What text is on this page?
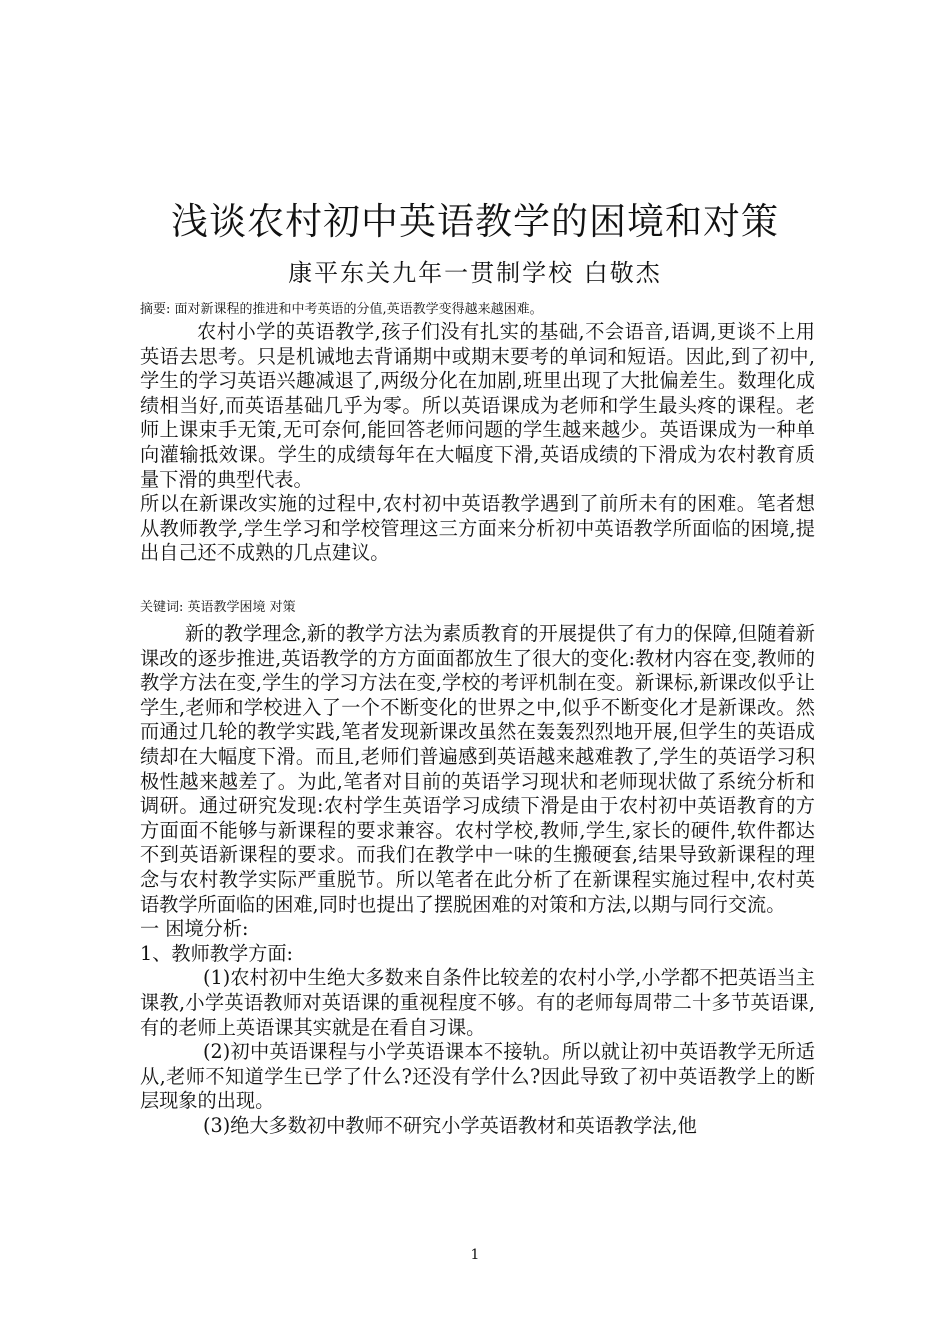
浅谈农村初中英语教学的困境和对策
康平东关九年一贯制学校 白敬杰
摘要: 面对新课程的推进和中考英语的分值,英语教学变得越来越困难。

农村小学的英语教学,孩子们没有扎实的基础,不会语音,语调,更谈不上用英语去思考。只是机诫地去背诵期中或期末要考的单词和短语。因此,到了初中,学生的学习英语兴趣减退了,两级分化在加剧,班里出现了大批偏差生。数理化成绩相当好,而英语基础几乎为零。所以英语课成为老师和学生最头疼的课程。老师上课束手无策,无可奈何,能回答老师问题的学生越来越少。英语课成为一种单向灌输抵效课。学生的成绩每年在大幅度下滑,英语成绩的下滑成为农村教育质量下滑的典型代表。

所以在新课改实施的过程中,农村初中英语教学遇到了前所未有的困难。笔者想从教师教学,学生学习和学校管理这三方面来分析初中英语教学所面临的困境,提出自己还不成熟的几点建议。

关键词: 英语教学困境 对策

新的教学理念,新的教学方法为素质教育的开展提供了有力的保障,但随着新课改的逐步推进,英语教学的方方面面都放生了很大的变化:教材内容在变,教师的教学方法在变,学生的学习方法在变,学校的考评机制在变。新课标,新课改似乎让学生,老师和学校进入了一个不断变化的世界之中,似乎不断变化才是新课改。然而通过几轮的教学实践,笔者发现新课改虽然在轰轰烈烈地开展,但学生的英语成绩却在大幅度下滑。而且,老师们普遍感到英语越来越难教了,学生的英语学习积极性越来越差了。为此,笔者对目前的英语学习现状和老师现状做了系统分析和调研。通过研究发现:农村学生英语学习成绩下滑是由于农村初中英语教育的方方面面不能够与新课程的要求兼容。农村学校,教师,学生,家长的硬件,软件都达不到英语新课程的要求。而我们在教学中一味的生搬硬套,结果导致新课程的理念与农村教学实际严重脱节。所以笔者在此分析了在新课程实施过程中,农村英语教学所面临的困难,同时也提出了摆脱困难的对策和方法,以期与同行交流。

一 困境分析:

1、教师教学方面:

(1)农村初中生绝大多数来自条件比较差的农村小学,小学都不把英语当主课教,小学英语教师对英语课的重视程度不够。有的老师每周带二十多节英语课,有的老师上英语课其实就是在看自习课。

(2)初中英语课程与小学英语课本不接轨。所以就让初中英语教学无所适从,老师不知道学生已学了什么?还没有学什么?因此导致了初中英语教学上的断层现象的出现。

(3)绝大多数初中教师不研究小学英语教材和英语教学法,他

1
